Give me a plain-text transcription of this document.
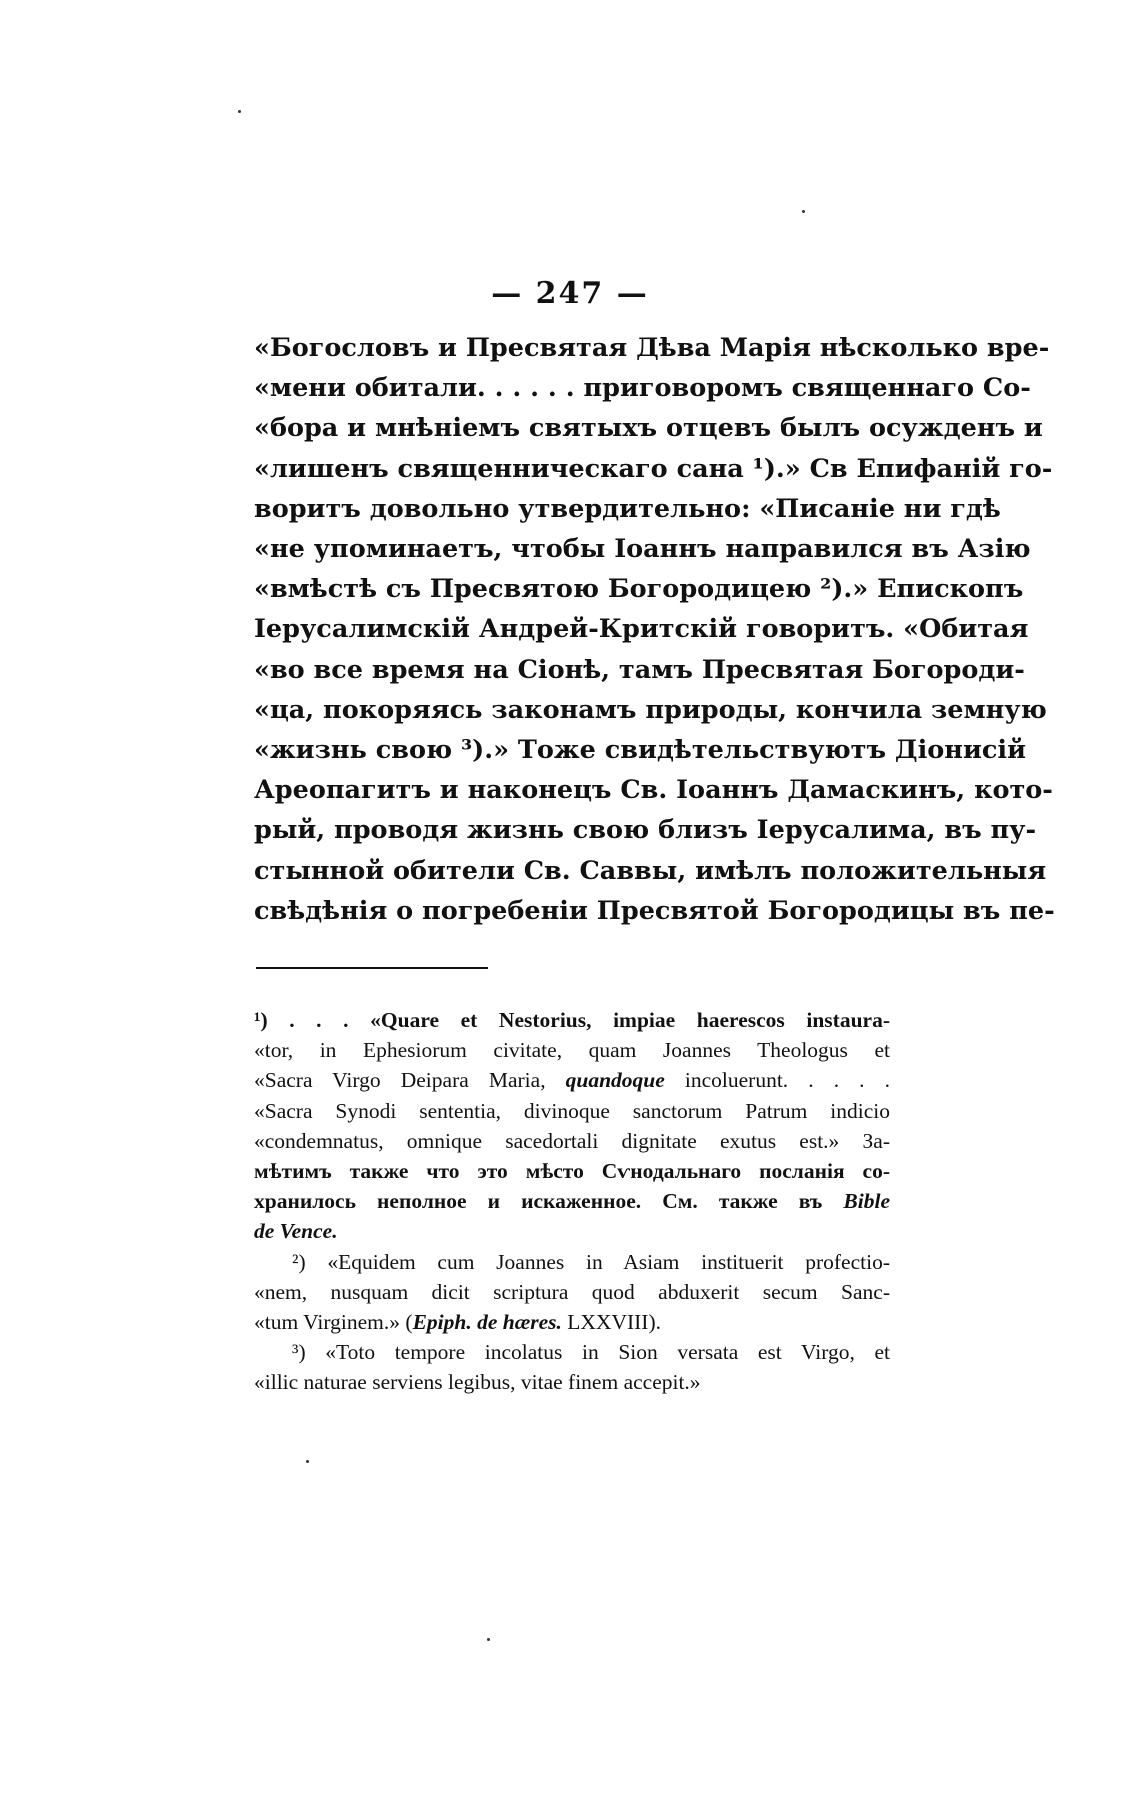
— 247 —
«Богословъ и Пресвятая Дѣва Марія нѣсколько вре-
«мени обитали. . . . . . приговоромъ священнаго Со-
«бора и мнѣніемъ святыхъ отцевъ былъ осужденъ и
«лишенъ священническаго сана ¹).» Св Епифаній го-
воритъ довольно утвердительно: «Писаніе ни гдѣ
«не упоминаетъ, чтобы Іоаннъ направился въ Азію
«вмѣстѣ съ Пресвятою Богородицею ²).» Епископъ
Іерусалимскій Андрей-Критскій говоритъ. «Обитая
«во все время на Сіонѣ, тамъ Пресвятая Богороди-
«ца, покоряясь законамъ природы, кончила земную
«жизнь свою ³).» Тоже свидѣтельствуютъ Діонисій
Ареопагитъ и наконецъ Св. Іоаннъ Дамаскинъ, кото-
рый, проводя жизнь свою близъ Іерусалима, въ пу-
стынной обители Св. Саввы, имѣлъ положительныя
свѣдѣнія о погребеніи Пресвятой Богородицы въ пе-
¹) . . . «Quare et Nestorius, impiae haerescos instaura-
«tor, in Ephesiorum civitate, quam Joannes Theologus et
«Sacra Virgo Deipara Maria, quandoque incoluerunt. . . . .
«Sacra Synodi sententia, divinoque sanctorum Patrum indicio
«condemnatus, omnique sacedortali dignitate exutus est.» За-
мѣтимъ также что это мѣсто Сѵнодальнаго посланія со-
хранилось неполное и искаженное. См. также въ Bible
de Vence.
²) «Equidem cum Joannes in Asiam instituerit profectio-
«nem, nusquam dicit scriptura quod abduxerit secum Sanc-
«tum Virginem.» (Epiph. de hæres. LXXVIII).
³) «Toto tempore incolatus in Sion versata est Virgo, et
«illic naturae serviens legibus, vitae finem accepit.»
